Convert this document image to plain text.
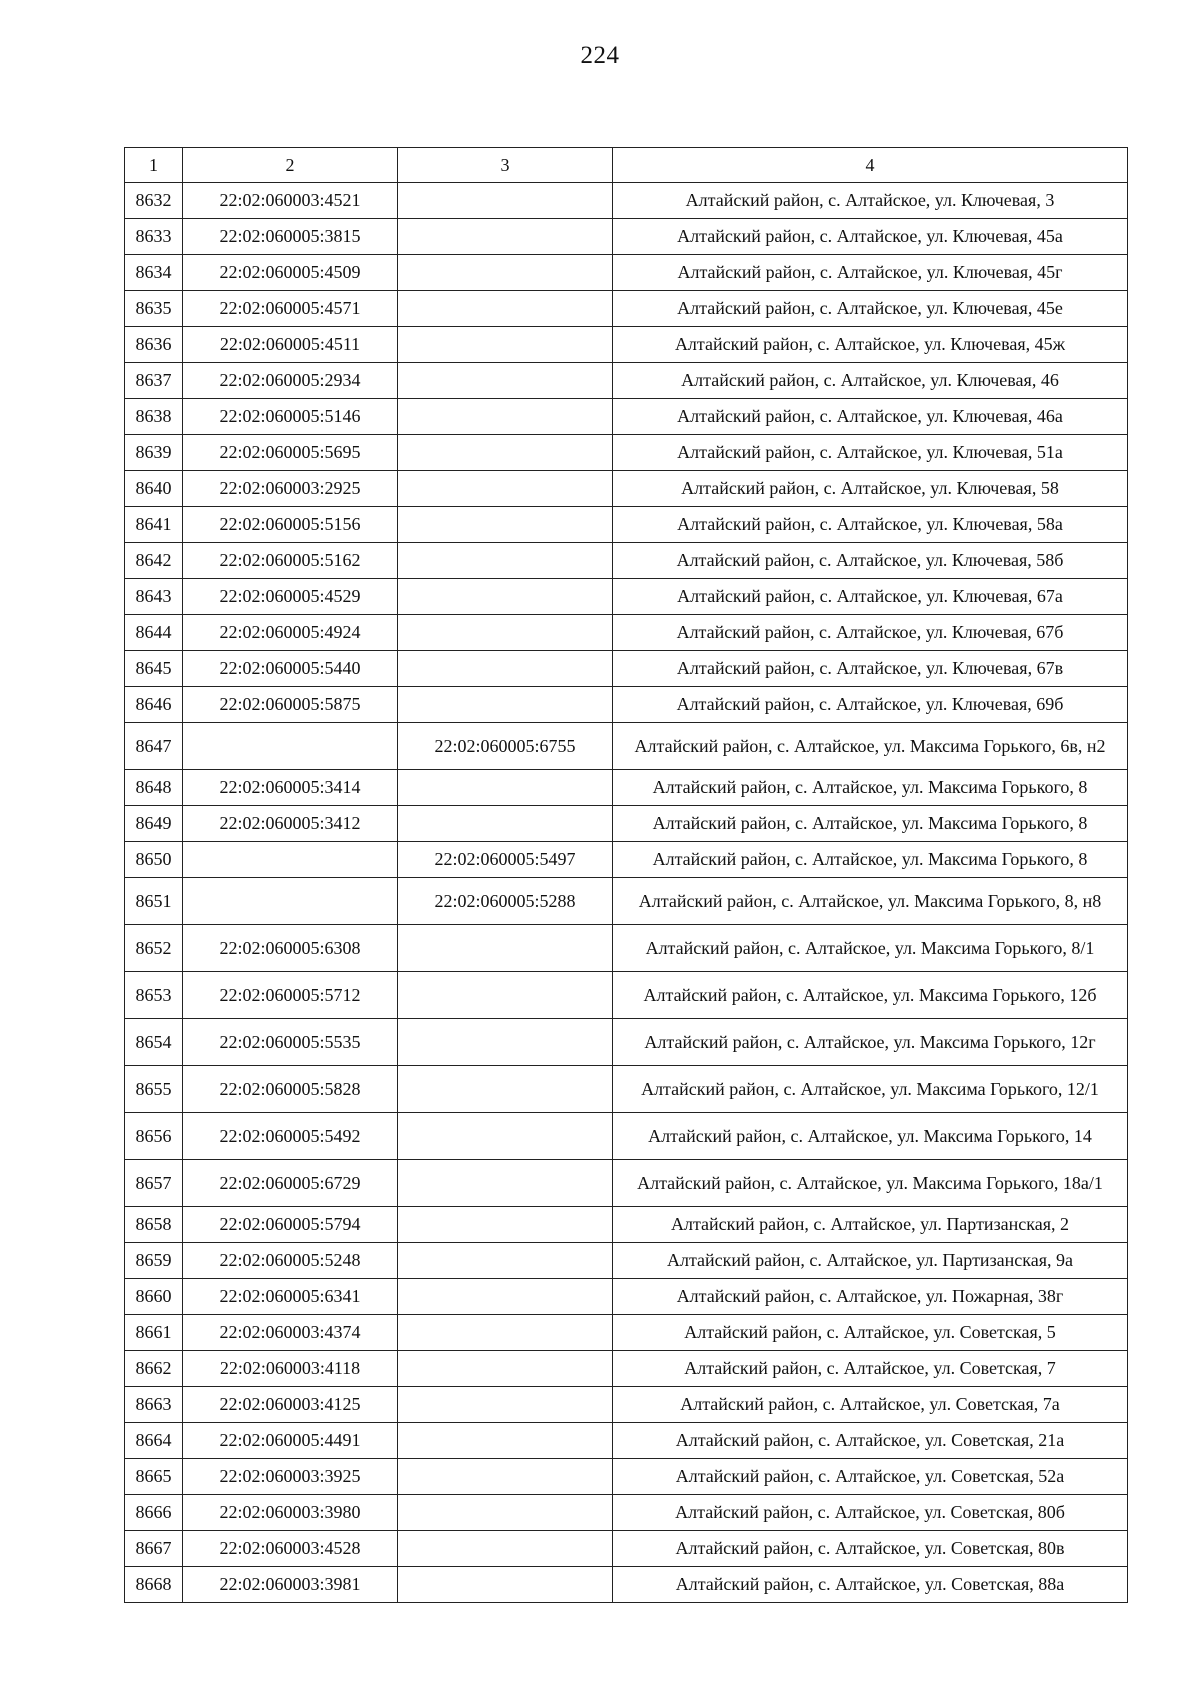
224
1	2	3	4
8632	22:02:060003:4521		Алтайский район, с. Алтайское, ул. Ключевая, 3
8633	22:02:060005:3815		Алтайский район, с. Алтайское, ул. Ключевая, 45а
8634	22:02:060005:4509		Алтайский район, с. Алтайское, ул. Ключевая, 45г
8635	22:02:060005:4571		Алтайский район, с. Алтайское, ул. Ключевая, 45е
8636	22:02:060005:4511		Алтайский район, с. Алтайское, ул. Ключевая, 45ж
8637	22:02:060005:2934		Алтайский район, с. Алтайское, ул. Ключевая, 46
8638	22:02:060005:5146		Алтайский район, с. Алтайское, ул. Ключевая, 46а
8639	22:02:060005:5695		Алтайский район, с. Алтайское, ул. Ключевая, 51а
8640	22:02:060003:2925		Алтайский район, с. Алтайское, ул. Ключевая, 58
8641	22:02:060005:5156		Алтайский район, с. Алтайское, ул. Ключевая, 58а
8642	22:02:060005:5162		Алтайский район, с. Алтайское, ул. Ключевая, 58б
8643	22:02:060005:4529		Алтайский район, с. Алтайское, ул. Ключевая, 67а
8644	22:02:060005:4924		Алтайский район, с. Алтайское, ул. Ключевая, 67б
8645	22:02:060005:5440		Алтайский район, с. Алтайское, ул. Ключевая, 67в
8646	22:02:060005:5875		Алтайский район, с. Алтайское, ул. Ключевая, 69б
8647		22:02:060005:6755	Алтайский район, с. Алтайское, ул. Максима Горького, 6в, н2
8648	22:02:060005:3414		Алтайский район, с. Алтайское, ул. Максима Горького, 8
8649	22:02:060005:3412		Алтайский район, с. Алтайское, ул. Максима Горького, 8
8650		22:02:060005:5497	Алтайский район, с. Алтайское, ул. Максима Горького, 8
8651		22:02:060005:5288	Алтайский район, с. Алтайское, ул. Максима Горького, 8, н8
8652	22:02:060005:6308		Алтайский район, с. Алтайское, ул. Максима Горького, 8/1
8653	22:02:060005:5712		Алтайский район, с. Алтайское, ул. Максима Горького, 12б
8654	22:02:060005:5535		Алтайский район, с. Алтайское, ул. Максима Горького, 12г
8655	22:02:060005:5828		Алтайский район, с. Алтайское, ул. Максима Горького, 12/1
8656	22:02:060005:5492		Алтайский район, с. Алтайское, ул. Максима Горького, 14
8657	22:02:060005:6729		Алтайский район, с. Алтайское, ул. Максима Горького, 18а/1
8658	22:02:060005:5794		Алтайский район, с. Алтайское, ул. Партизанская, 2
8659	22:02:060005:5248		Алтайский район, с. Алтайское, ул. Партизанская, 9а
8660	22:02:060005:6341		Алтайский район, с. Алтайское, ул. Пожарная, 38г
8661	22:02:060003:4374		Алтайский район, с. Алтайское, ул. Советская, 5
8662	22:02:060003:4118		Алтайский район, с. Алтайское, ул. Советская, 7
8663	22:02:060003:4125		Алтайский район, с. Алтайское, ул. Советская, 7а
8664	22:02:060005:4491		Алтайский район, с. Алтайское, ул. Советская, 21а
8665	22:02:060003:3925		Алтайский район, с. Алтайское, ул. Советская, 52а
8666	22:02:060003:3980		Алтайский район, с. Алтайское, ул. Советская, 80б
8667	22:02:060003:4528		Алтайский район, с. Алтайское, ул. Советская, 80в
8668	22:02:060003:3981		Алтайский район, с. Алтайское, ул. Советская, 88а
